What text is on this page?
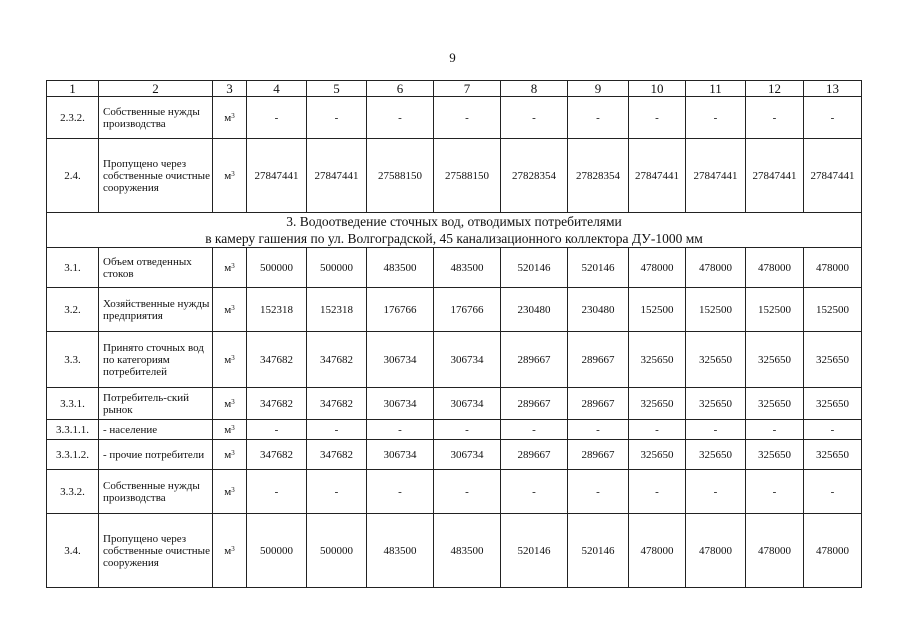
9
1	2	3	4	5	6	7	8	9	10	11	12	13
2.3.2.	Собственные нужды производства	$м^3$	-	-	-	-	-	-	-	-	-	-
2.4.	Пропущено через собственные очистные сооружения	$м^3$	27847441	27847441	27588150	27588150	27828354	27828354	27847441	27847441	27847441	27847441

3. Водоотведение сточных вод, отводимых потребителями
в камеру гашения по ул. Волгоградской, 45 канализационного коллектора ДУ-1000 мм												

3.1.	Объем отведенных стоков	$м^3$	500000	500000	483500	483500	520146	520146	478000	478000	478000	478000
3.2.	Хозяйственные нужды предприятия	$м^3$	152318	152318	176766	176766	230480	230480	152500	152500	152500	152500
3.3.	Принято сточных вод по категориям потребителей	$м^3$	347682	347682	306734	306734	289667	289667	325650	325650	325650	325650
3.3.1.	Потребитель-ский рынок	$м^3$	347682	347682	306734	306734	289667	289667	325650	325650	325650	325650
3.3.1.1.	- население	$м^3$	-	-	-	-	-	-	-	-	-	-
3.3.1.2.	- прочие потребители	$м^3$	347682	347682	306734	306734	289667	289667	325650	325650	325650	325650
3.3.2.	Собственные нужды производства	$м^3$	-	-	-	-	-	-	-	-	-	-
3.4.	Пропущено через собственные очистные сооружения	$м^3$	500000	500000	483500	483500	520146	520146	478000	478000	478000	478000
